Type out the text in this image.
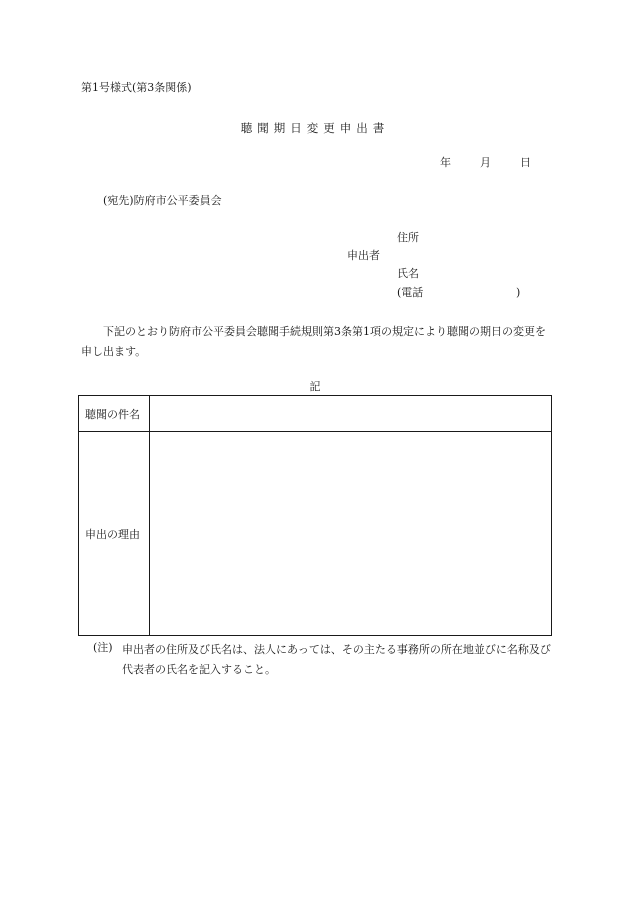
第1号様式(第3条関係)
聴聞期日変更申出書
年	月	日
(宛先)防府市公平委員会
住所
申出者
氏名
(電話	)
下記のとおり防府市公平委員会聴聞手続規則第3条第1項の規定により聴聞の期日の変更を申し出ます。
記
聴聞の件名	
申出の理由	
(注) 申出者の住所及び氏名は、法人にあっては、その主たる事務所の所在地並びに名称及び代表者の氏名を記入すること。
